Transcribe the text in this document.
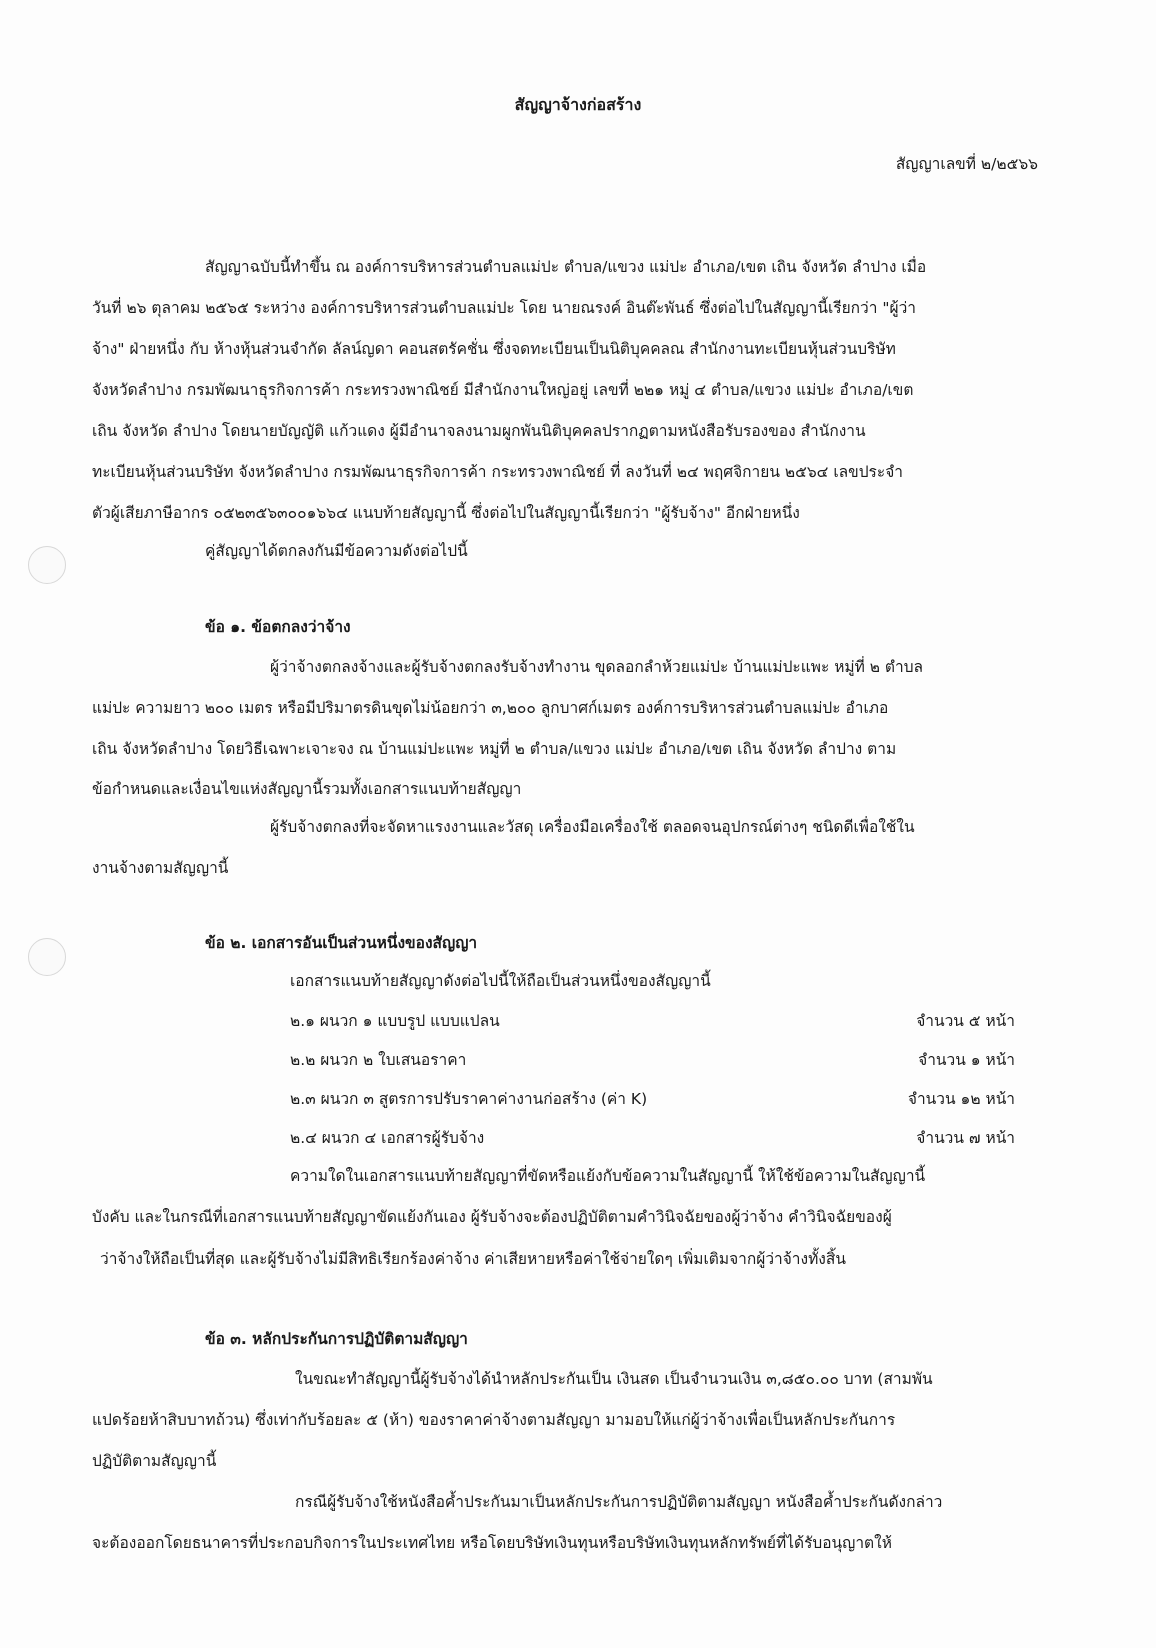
สัญญาจ้างก่อสร้าง
สัญญาเลขที่ ๒/๒๕๖๖
สัญญาฉบับนี้ทำขึ้น ณ องค์การบริหารส่วนตำบลแม่ปะ ตำบล/แขวง แม่ปะ อำเภอ/เขต เถิน จังหวัด ลำปาง เมื่อ
วันที่ ๒๖ ตุลาคม ๒๕๖๕ ระหว่าง องค์การบริหารส่วนตำบลแม่ปะ โดย นายณรงค์ อินต๊ะพันธ์ ซึ่งต่อไปในสัญญานี้เรียกว่า "ผู้ว่า
จ้าง" ฝ่ายหนึ่ง กับ ห้างหุ้นส่วนจำกัด ลัลน์ญดา คอนสตรัคชั่น ซึ่งจดทะเบียนเป็นนิติบุคคลณ สำนักงานทะเบียนหุ้นส่วนบริษัท
จังหวัดลำปาง กรมพัฒนาธุรกิจการค้า กระทรวงพาณิชย์ มีสำนักงานใหญ่อยู่ เลขที่ ๒๒๑ หมู่ ๔ ตำบล/แขวง แม่ปะ อำเภอ/เขต
เถิน จังหวัด ลำปาง โดยนายบัญญัติ แก้วแดง ผู้มีอำนาจลงนามผูกพันนิติบุคคลปรากฏตามหนังสือรับรองของ สำนักงาน
ทะเบียนหุ้นส่วนบริษัท จังหวัดลำปาง กรมพัฒนาธุรกิจการค้า กระทรวงพาณิชย์ ที่ ลงวันที่ ๒๔ พฤศจิกายน ๒๕๖๔ เลขประจำ
ตัวผู้เสียภาษีอากร ๐๕๒๓๕๖๓๐๐๑๖๖๔ แนบท้ายสัญญานี้ ซึ่งต่อไปในสัญญานี้เรียกว่า "ผู้รับจ้าง" อีกฝ่ายหนึ่ง
คู่สัญญาได้ตกลงกันมีข้อความดังต่อไปนี้
ข้อ ๑. ข้อตกลงว่าจ้าง
ผู้ว่าจ้างตกลงจ้างและผู้รับจ้างตกลงรับจ้างทำงาน ขุดลอกลำห้วยแม่ปะ บ้านแม่ปะแพะ หมู่ที่ ๒ ตำบล
แม่ปะ ความยาว ๒๐๐ เมตร หรือมีปริมาตรดินขุดไม่น้อยกว่า ๓,๒๐๐ ลูกบาศก์เมตร องค์การบริหารส่วนตำบลแม่ปะ อำเภอ
เถิน จังหวัดลำปาง โดยวิธีเฉพาะเจาะจง ณ บ้านแม่ปะแพะ หมู่ที่ ๒ ตำบล/แขวง แม่ปะ อำเภอ/เขต เถิน จังหวัด ลำปาง ตาม
ข้อกำหนดและเงื่อนไขแห่งสัญญานี้รวมทั้งเอกสารแนบท้ายสัญญา
ผู้รับจ้างตกลงที่จะจัดหาแรงงานและวัสดุ เครื่องมือเครื่องใช้ ตลอดจนอุปกรณ์ต่างๆ ชนิดดีเพื่อใช้ใน
งานจ้างตามสัญญานี้
ข้อ ๒. เอกสารอันเป็นส่วนหนึ่งของสัญญา
เอกสารแนบท้ายสัญญาดังต่อไปนี้ให้ถือเป็นส่วนหนึ่งของสัญญานี้
๒.๑ ผนวก ๑ แบบรูป แบบแปลน	จำนวน ๕ หน้า
๒.๒ ผนวก ๒ ใบเสนอราคา	จำนวน ๑ หน้า
๒.๓ ผนวก ๓ สูตรการปรับราคาค่างานก่อสร้าง (ค่า K)	จำนวน ๑๒ หน้า
๒.๔ ผนวก ๔ เอกสารผู้รับจ้าง	จำนวน ๗ หน้า
ความใดในเอกสารแนบท้ายสัญญาที่ขัดหรือแย้งกับข้อความในสัญญานี้ ให้ใช้ข้อความในสัญญานี้
บังคับ และในกรณีที่เอกสารแนบท้ายสัญญาขัดแย้งกันเอง ผู้รับจ้างจะต้องปฏิบัติตามคำวินิจฉัยของผู้ว่าจ้าง คำวินิจฉัยของผู้
ว่าจ้างให้ถือเป็นที่สุด และผู้รับจ้างไม่มีสิทธิเรียกร้องค่าจ้าง ค่าเสียหายหรือค่าใช้จ่ายใดๆ เพิ่มเติมจากผู้ว่าจ้างทั้งสิ้น
ข้อ ๓. หลักประกันการปฏิบัติตามสัญญา
ในขณะทำสัญญานี้ผู้รับจ้างได้นำหลักประกันเป็น เงินสด เป็นจำนวนเงิน ๓,๘๕๐.๐๐ บาท (สามพัน
แปดร้อยห้าสิบบาทถ้วน) ซึ่งเท่ากับร้อยละ ๕ (ห้า) ของราคาค่าจ้างตามสัญญา มามอบให้แก่ผู้ว่าจ้างเพื่อเป็นหลักประกันการ
ปฏิบัติตามสัญญานี้
กรณีผู้รับจ้างใช้หนังสือค้ำประกันมาเป็นหลักประกันการปฏิบัติตามสัญญา หนังสือค้ำประกันดังกล่าว
จะต้องออกโดยธนาคารที่ประกอบกิจการในประเทศไทย หรือโดยบริษัทเงินทุนหรือบริษัทเงินทุนหลักทรัพย์ที่ได้รับอนุญาตให้
